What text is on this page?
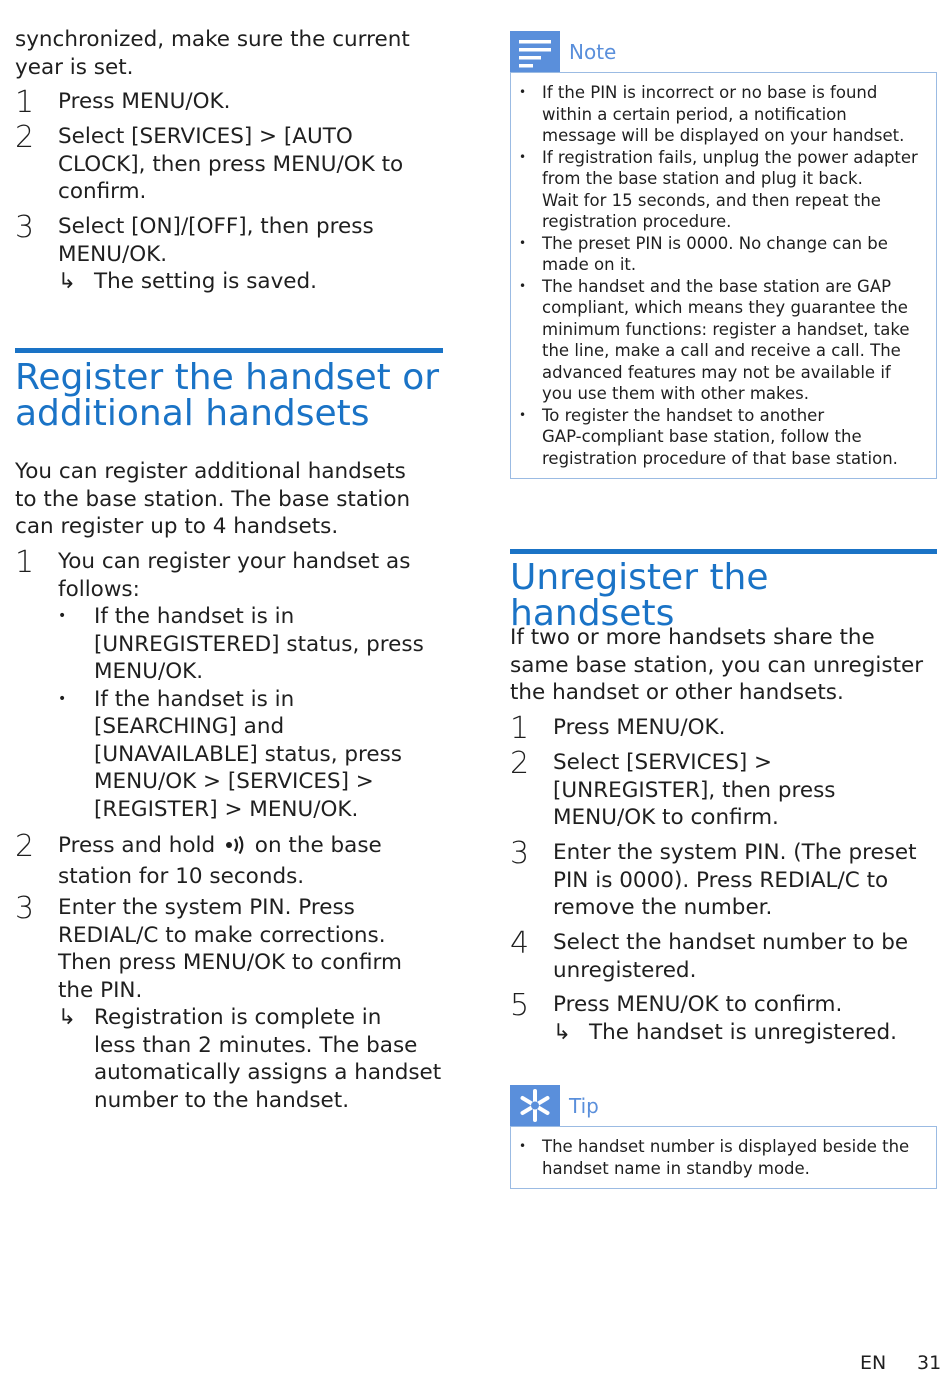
synchronized, make sure the current
year is set.
1 Press MENU/OK.
2 Select [SERVICES] > [AUTO
CLOCK], then press MENU/OK to
confirm.
3 Select [ON]/[OFF], then press
MENU/OK.
↳ The setting is saved.
Register the handset or
additional handsets
You can register additional handsets
to the base station. The base station
can register up to 4 handsets.
1 You can register your handset as
follows:
• If the handset is in
[UNREGISTERED] status, press
MENU/OK.
• If the handset is in
[SEARCHING] and
[UNAVAILABLE] status, press
MENU/OK > [SERVICES] >
[REGISTER] > MENU/OK.
2 Press and hold on the base
station for 10 seconds.
3 Enter the system PIN. Press
REDIAL/C to make corrections.
Then press MENU/OK to confirm
the PIN.
↳ Registration is complete in
less than 2 minutes. The base
automatically assigns a handset
number to the handset.
Note
• If the PIN is incorrect or no base is found
within a certain period, a notification
message will be displayed on your handset.
• If registration fails, unplug the power adapter
from the base station and plug it back.
Wait for 15 seconds, and then repeat the
registration procedure.
• The preset PIN is 0000. No change can be
made on it.
• The handset and the base station are GAP
compliant, which means they guarantee the
minimum functions: register a handset, take
the line, make a call and receive a call. The
advanced features may not be available if
you use them with other makes.
• To register the handset to another
GAP-compliant base station, follow the
registration procedure of that base station.
Unregister the handsets
If two or more handsets share the
same base station, you can unregister
the handset or other handsets.
1 Press MENU/OK.
2 Select [SERVICES] >
[UNREGISTER], then press
MENU/OK to confirm.
3 Enter the system PIN. (The preset
PIN is 0000). Press REDIAL/C to
remove the number.
4 Select the handset number to be
unregistered.
5 Press MENU/OK to confirm.
↳ The handset is unregistered.
Tip
• The handset number is displayed beside the
handset name in standby mode.
EN 31
